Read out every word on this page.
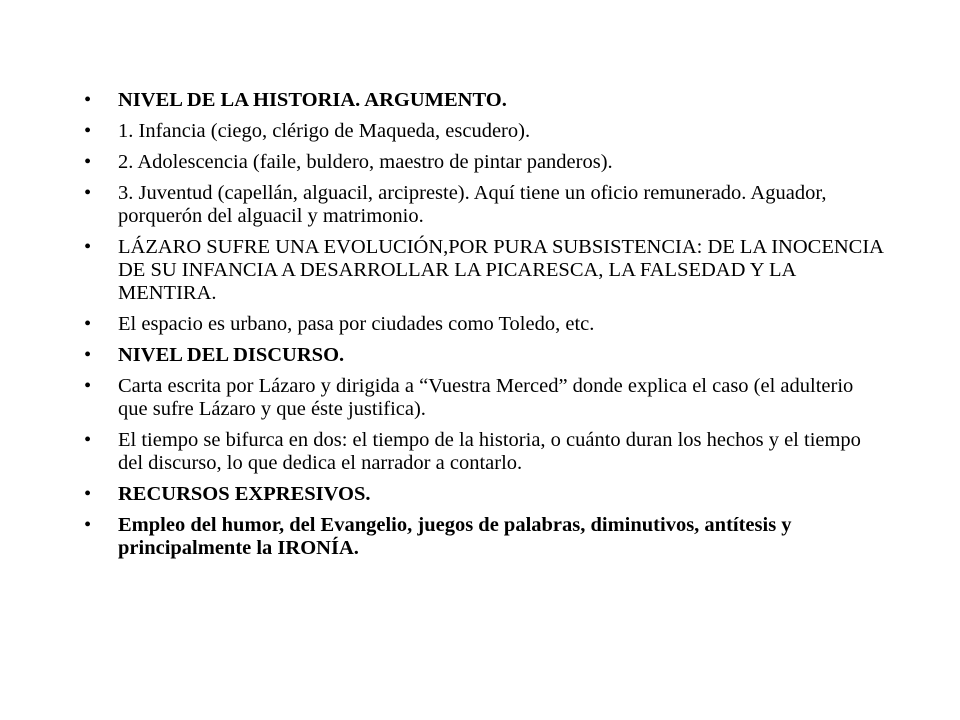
• NIVEL DE LA HISTORIA. ARGUMENTO.
• 1. Infancia (ciego, clérigo de Maqueda, escudero).
• 2. Adolescencia (faile, buldero, maestro de pintar panderos).
• 3. Juventud (capellán, alguacil, arcipreste). Aquí tiene un oficio remunerado. Aguador, porquerón del alguacil y matrimonio.
• LÁZARO SUFRE UNA EVOLUCIÓN,POR PURA SUBSISTENCIA: DE LA INOCENCIA DE SU INFANCIA A DESARROLLAR LA PICARESCA, LA FALSEDAD Y LA MENTIRA.
• El espacio es urbano, pasa por ciudades como Toledo, etc.
• NIVEL DEL DISCURSO.
• Carta escrita por Lázaro y dirigida a “Vuestra Merced” donde explica el caso (el adulterio que sufre Lázaro y que éste justifica).
• El tiempo se bifurca en dos: el tiempo de la historia, o cuánto duran los hechos y el tiempo del discurso, lo que dedica el narrador a contarlo.
• RECURSOS EXPRESIVOS.
• Empleo del humor, del Evangelio, juegos de palabras, diminutivos, antítesis y principalmente la IRONÍA.
